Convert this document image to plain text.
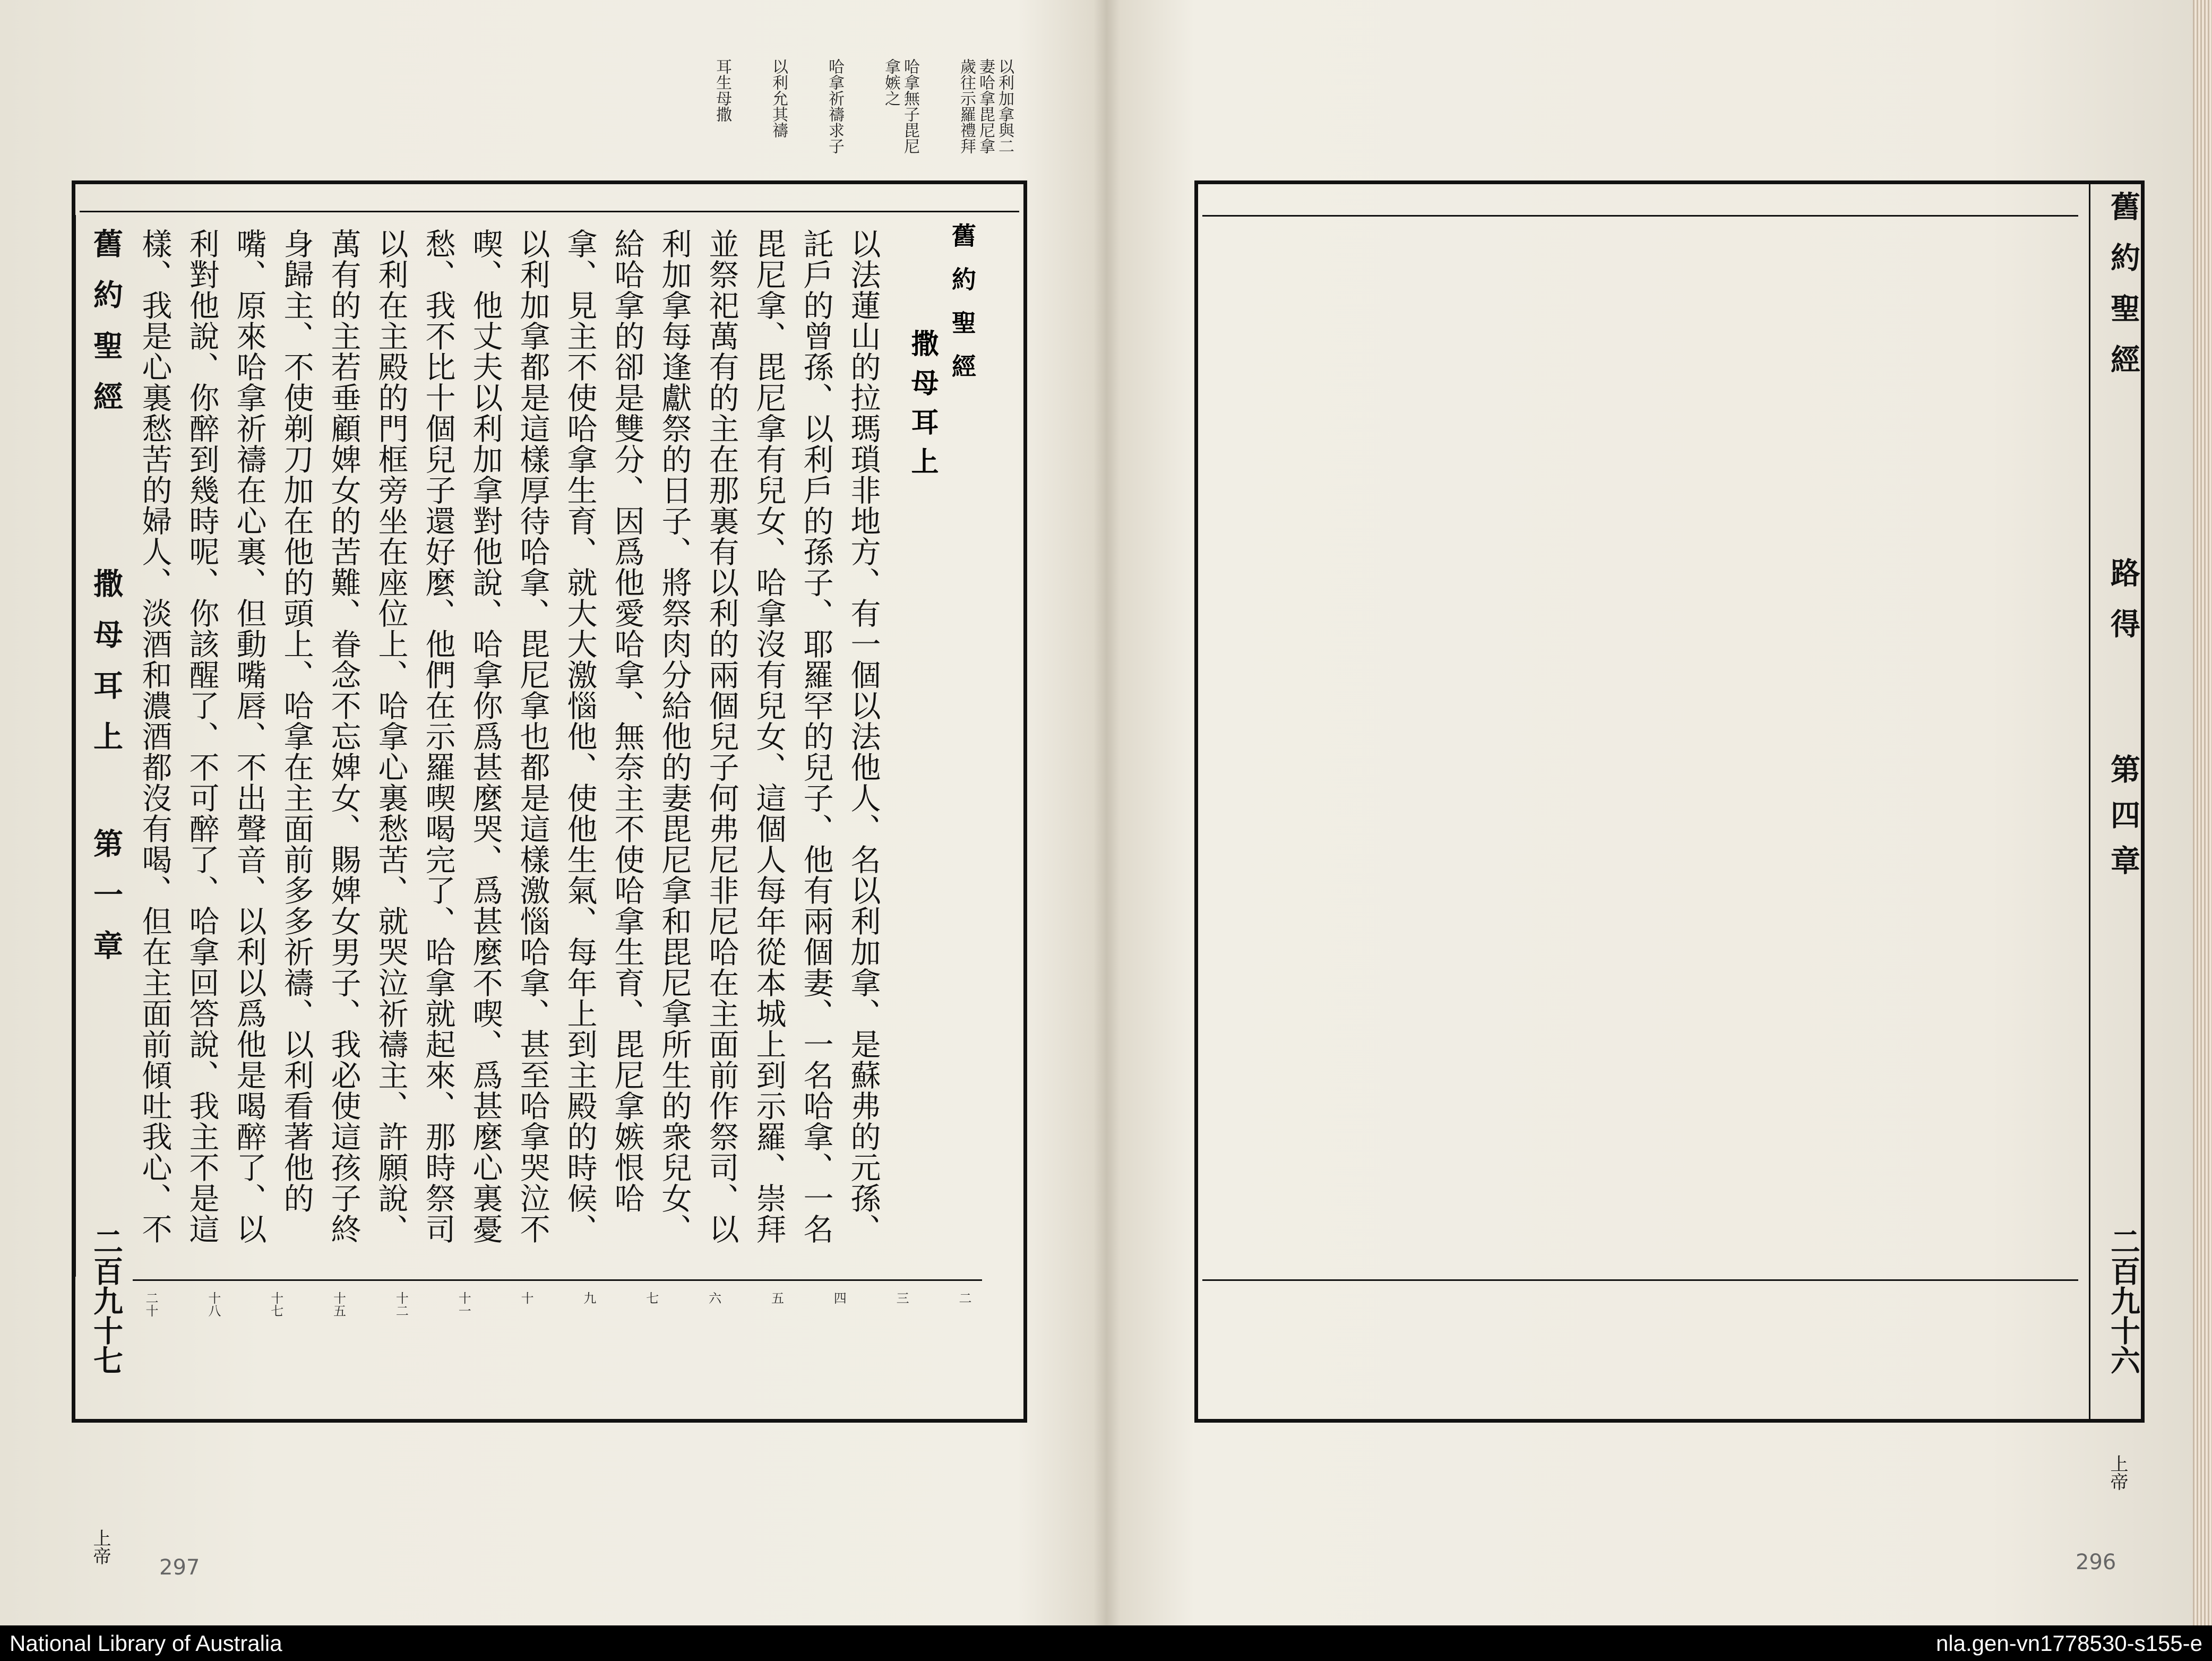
以利加拿與二妻哈拿毘尼拿歲往示羅禮拜
哈拿無子毘尼拿嫉之
哈拿祈禱求子
以利允其禱
耳生母撒
舊約聖經
撒母耳上
第一章
二百九十七
上帝
舊約聖經
撒母耳上
以法蓮山的拉瑪瑣非地方、有一個以法他人、名以利加拿、是蘇弗的元孫、託戶的曾孫、以利戶的孫子、耶羅罕的兒子、他有兩個妻、一名哈拿、一名毘尼拿、毘尼拿有兒女、哈拿沒有兒女、這個人每年從本城上到示羅、崇拜並祭祀萬有的主在那裏有以利的兩個兒子何弗尼非尼哈在主面前作祭司、以利加拿每逢獻祭的日子、將祭肉分給他的妻毘尼拿和毘尼拿所生的衆兒女、給哈拿的卻是雙分、因爲他愛哈拿、無奈主不使哈拿生育、毘尼拿嫉恨哈拿、見主不使哈拿生育、就大大激惱他、使他生氣、每年上到主殿的時候、以利加拿都是這樣厚待哈拿、毘尼拿也都是這樣激惱哈拿、甚至哈拿哭泣不喫、他丈夫以利加拿對他說、哈拿你爲甚麼哭、爲甚麼不喫、爲甚麼心裏憂愁、我不比十個兒子還好麼、他們在示羅喫喝完了、哈拿就起來、那時祭司以利在主殿的門框旁坐在座位上、哈拿心裏愁苦、就哭泣祈禱主、許願說、萬有的主若垂顧婢女的苦難、眷念不忘婢女、賜婢女男子、我必使這孩子終身歸主、不使剃刀加在他的頭上、哈拿在主面前多多祈禱、以利看著他的嘴、原來哈拿祈禱在心裏、但動嘴唇、不出聲音、以利以爲他是喝醉了、以利對他說、你醉到幾時呢、你該醒了、不可醉了、哈拿回答說、我主不是這樣、我是心裏愁苦的婦人、淡酒和濃酒都沒有喝、但在主面前傾吐我心、不
二
三
四
五
六
七
九
十
十一
十二
十五
十七
十八
二十
297
舊約聖經
路得
第四章
二百九十六
上帝
296
National Library of Australia	nla.gen-vn1778530-s155-e
